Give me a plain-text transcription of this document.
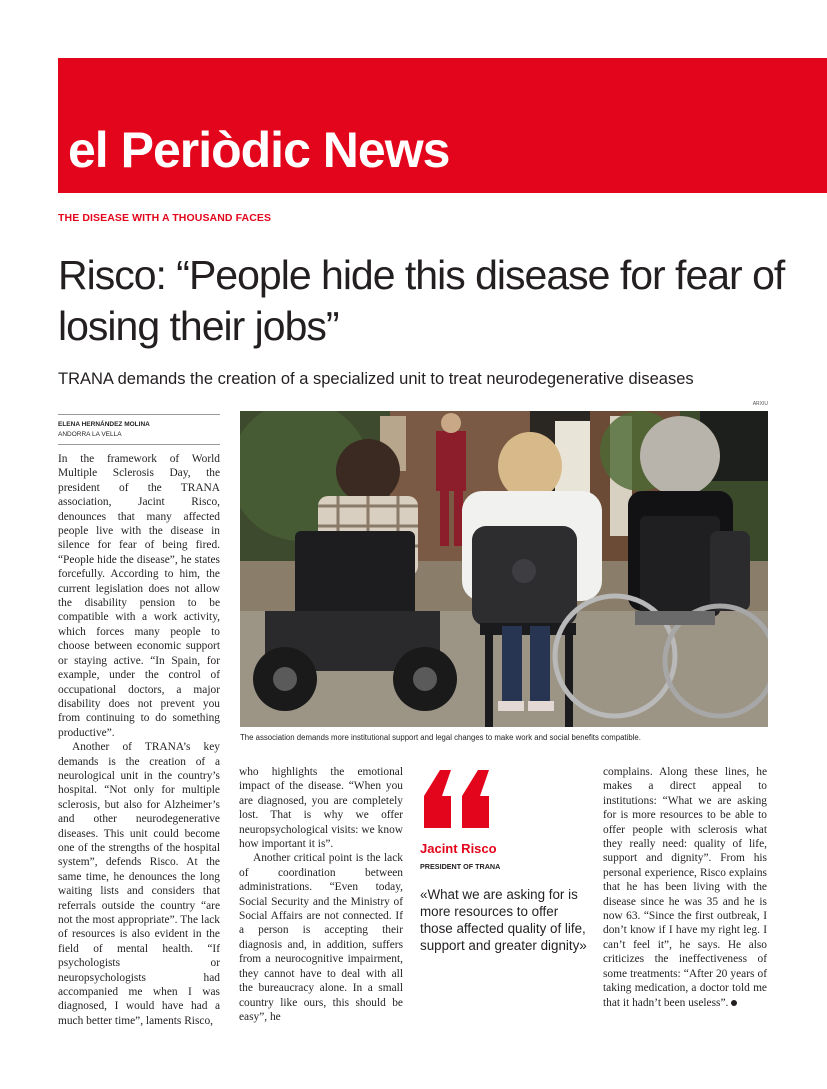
el Periòdic News
THE DISEASE WITH A THOUSAND FACES
Risco: “People hide this disease for fear of losing their jobs”

TRANA demands the creation of a specialized unit to treat neurodegenerative diseases

ELENA HERNÁNDEZ MOLINA
ANDORRA LA VELLA

In the framework of World Multiple Sclerosis Day, the president of the TRANA association, Jacint Risco, denounces that many affected people live with the disease in silence for fear of being fired. “People hide the disease”, he states forcefully. According to him, the current legislation does not allow the disability pension to be compatible with a work activity, which forces many people to choose between economic support or staying active. “In Spain, for example, under the control of occupational doctors, a major disability does not prevent you from continuing to do something productive”.

Another of TRANA’s key demands is the creation of a neurological unit in the country’s hospital. “Not only for multiple sclerosis, but also for Alzheimer’s and other neurodegenerative diseases. This unit could become one of the strengths of the hospital system”, defends Risco. At the same time, he denounces the long waiting lists and considers that referrals outside the country “are not the most appropriate”. The lack of resources is also evident in the field of mental health. “If psychologists or neuropsychologists had accompanied me when I was diagnosed, I would have had a much better time”, laments Risco,

ARXIU
The association demands more institutional support and legal changes to make work and social benefits compatible.

who highlights the emotional impact of the disease. “When you are diagnosed, you are completely lost. That is why we offer neuropsychological visits: we know how important it is”.

Another critical point is the lack of coordination between administrations. “Even today, Social Security and the Ministry of Social Affairs are not connected. If a person is accepting their diagnosis and, in addition, suffers from a neurocognitive impairment, they cannot have to deal with all the bureaucracy alone. In a small country like ours, this should be easy”, he

Jacint Risco
PRESIDENT OF TRANA
«What we are asking for is more resources to offer those affected quality of life, support and greater dignity»

complains. Along these lines, he makes a direct appeal to institutions: “What we are asking for is more resources to be able to offer people with sclerosis what they really need: quality of life, support and dignity”. From his personal experience, Risco explains that he has been living with the disease since he was 35 and he is now 63. “Since the first outbreak, I don’t know if I have my right leg. I can’t feel it”, he says. He also criticizes the ineffectiveness of some treatments: “After 20 years of taking medication, a doctor told me that it hadn’t been useless”.
